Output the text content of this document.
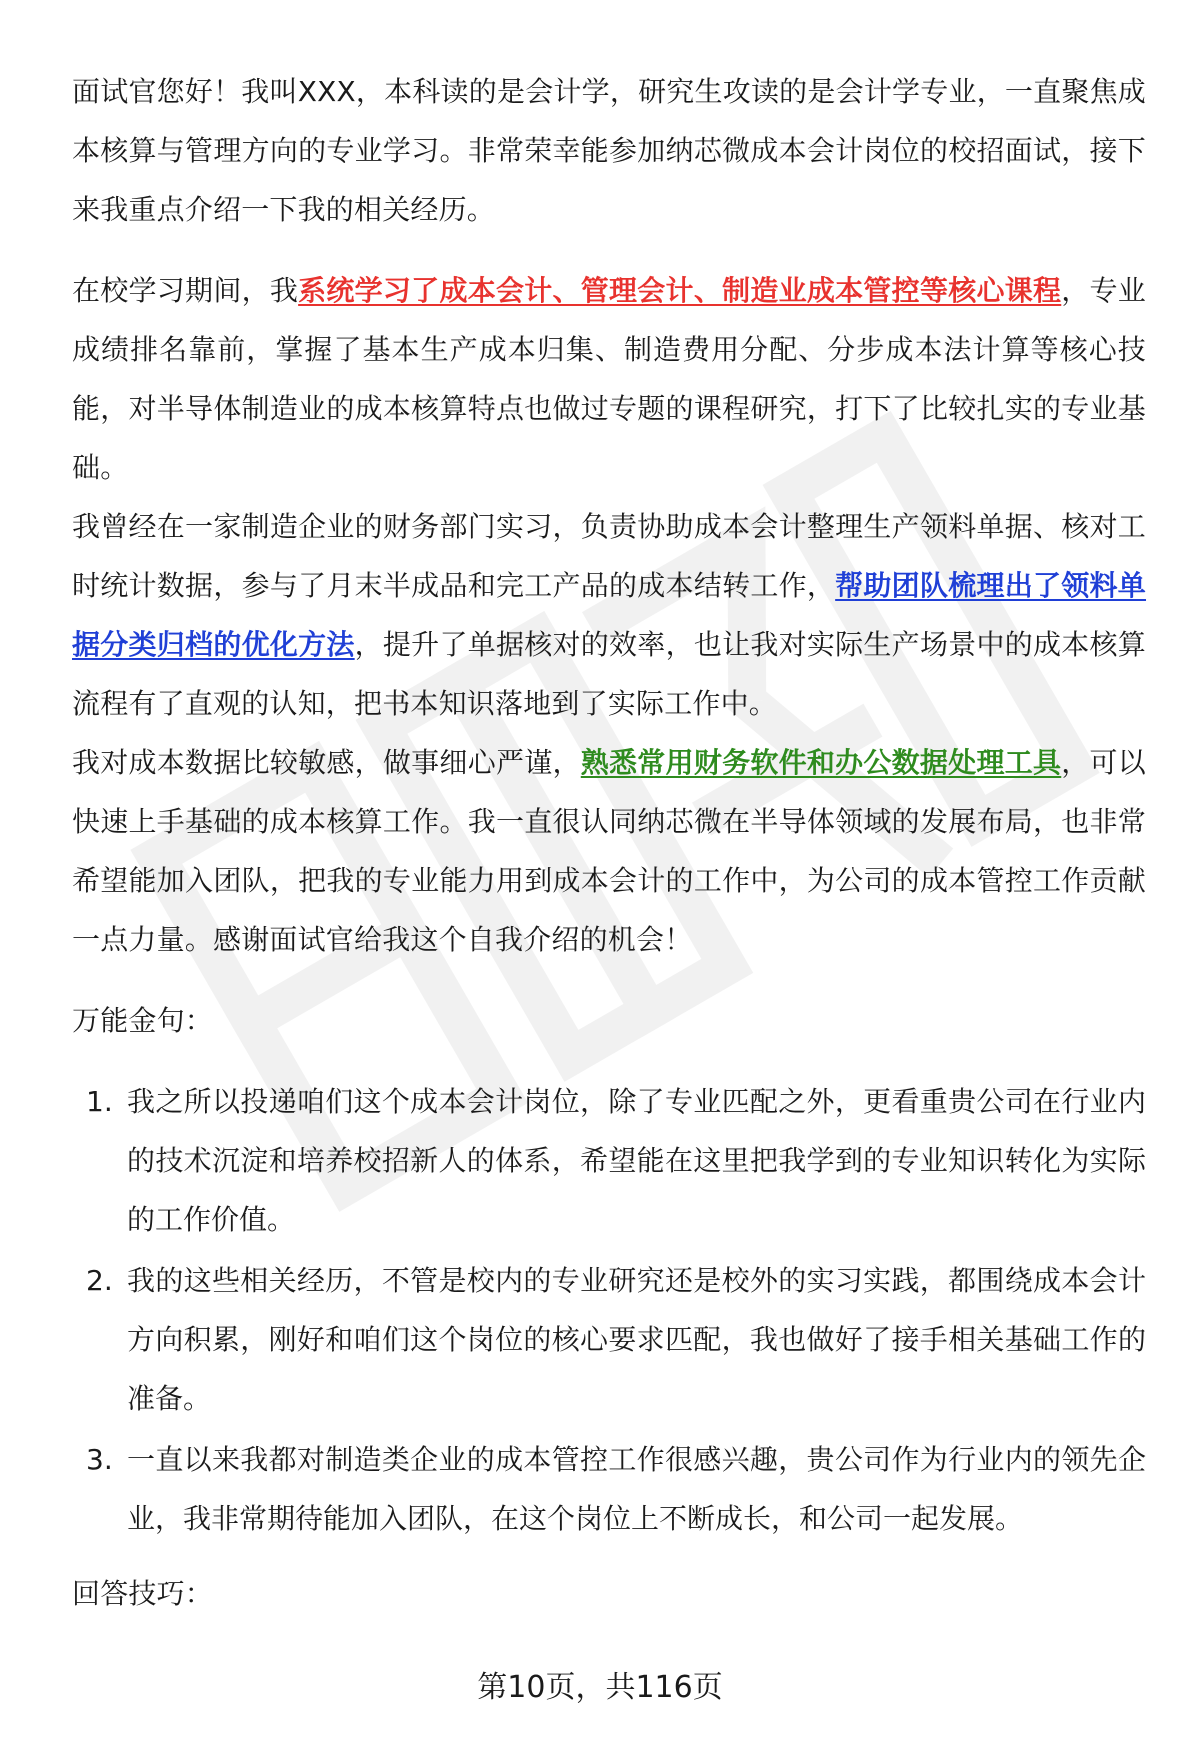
面试官您好！我叫XXX，本科读的是会计学，研究生攻读的是会计学专业，一直聚焦成本核算与管理方向的专业学习。非常荣幸能参加纳芯微成本会计岗位的校招面试，接下来我重点介绍一下我的相关经历。

在校学习期间，我系统学习了成本会计、管理会计、制造业成本管控等核心课程，专业成绩排名靠前，掌握了基本生产成本归集、制造费用分配、分步成本法计算等核心技能，对半导体制造业的成本核算特点也做过专题的课程研究，打下了比较扎实的专业基础。

我曾经在一家制造企业的财务部门实习，负责协助成本会计整理生产领料单据、核对工时统计数据，参与了月末半成品和完工产品的成本结转工作，帮助团队梳理出了领料单据分类归档的优化方法，提升了单据核对的效率，也让我对实际生产场景中的成本核算流程有了直观的认知，把书本知识落地到了实际工作中。

我对成本数据比较敏感，做事细心严谨，熟悉常用财务软件和办公数据处理工具，可以快速上手基础的成本核算工作。我一直很认同纳芯微在半导体领域的发展布局，也非常希望能加入团队，把我的专业能力用到成本会计的工作中，为公司的成本管控工作贡献一点力量。感谢面试官给我这个自我介绍的机会！

万能金句：

1. 我之所以投递咱们这个成本会计岗位，除了专业匹配之外，更看重贵公司在行业内的技术沉淀和培养校招新人的体系，希望能在这里把我学到的专业知识转化为实际的工作价值。
2. 我的这些相关经历，不管是校内的专业研究还是校外的实习实践，都围绕成本会计方向积累，刚好和咱们这个岗位的核心要求匹配，我也做好了接手相关基础工作的准备。
3. 一直以来我都对制造类企业的成本管控工作很感兴趣，贵公司作为行业内的领先企业，我非常期待能加入团队，在这个岗位上不断成长，和公司一起发展。

回答技巧：

第10页，共116页
